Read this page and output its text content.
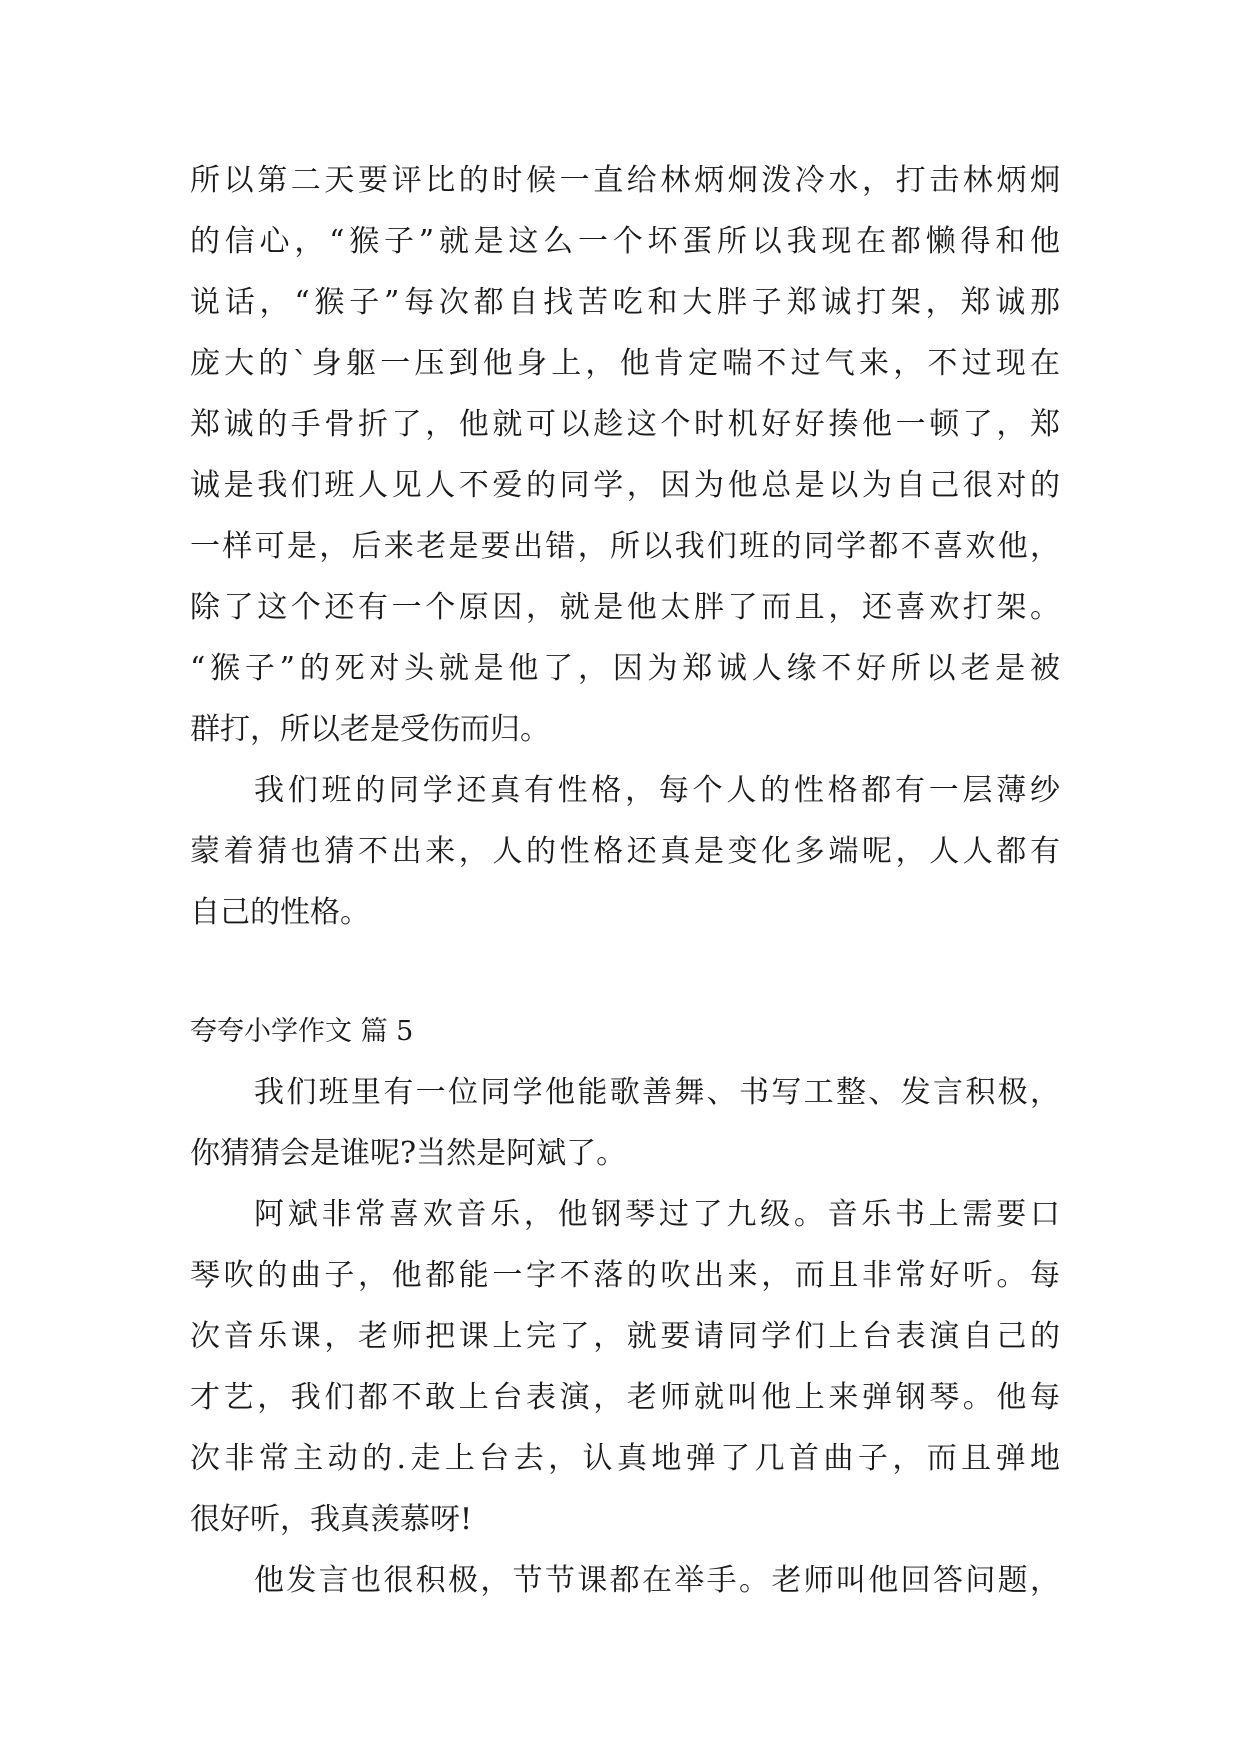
所以第二天要评比的时候一直给林炳炯泼冷水，打击林炳炯
的信心，“猴子”就是这么一个坏蛋所以我现在都懒得和他
说话，“猴子”每次都自找苦吃和大胖子郑诚打架，郑诚那
庞大的`身躯一压到他身上，他肯定喘不过气来，不过现在
郑诚的手骨折了，他就可以趁这个时机好好揍他一顿了，郑
诚是我们班人见人不爱的同学，因为他总是以为自己很对的
一样可是，后来老是要出错，所以我们班的同学都不喜欢他，
除了这个还有一个原因，就是他太胖了而且，还喜欢打架。
“猴子”的死对头就是他了，因为郑诚人缘不好所以老是被
群打，所以老是受伤而归。
我们班的同学还真有性格，每个人的性格都有一层薄纱
蒙着猜也猜不出来，人的性格还真是变化多端呢，人人都有
自己的性格。
夸夸小学作文 篇 5
我们班里有一位同学他能歌善舞、书写工整、发言积极，
你猜猜会是谁呢?当然是阿斌了。
阿斌非常喜欢音乐，他钢琴过了九级。音乐书上需要口
琴吹的曲子，他都能一字不落的吹出来，而且非常好听。每
次音乐课，老师把课上完了，就要请同学们上台表演自己的
才艺，我们都不敢上台表演，老师就叫他上来弹钢琴。他每
次非常主动的.走上台去，认真地弹了几首曲子，而且弹地
很好听，我真羡慕呀!
他发言也很积极，节节课都在举手。老师叫他回答问题，
